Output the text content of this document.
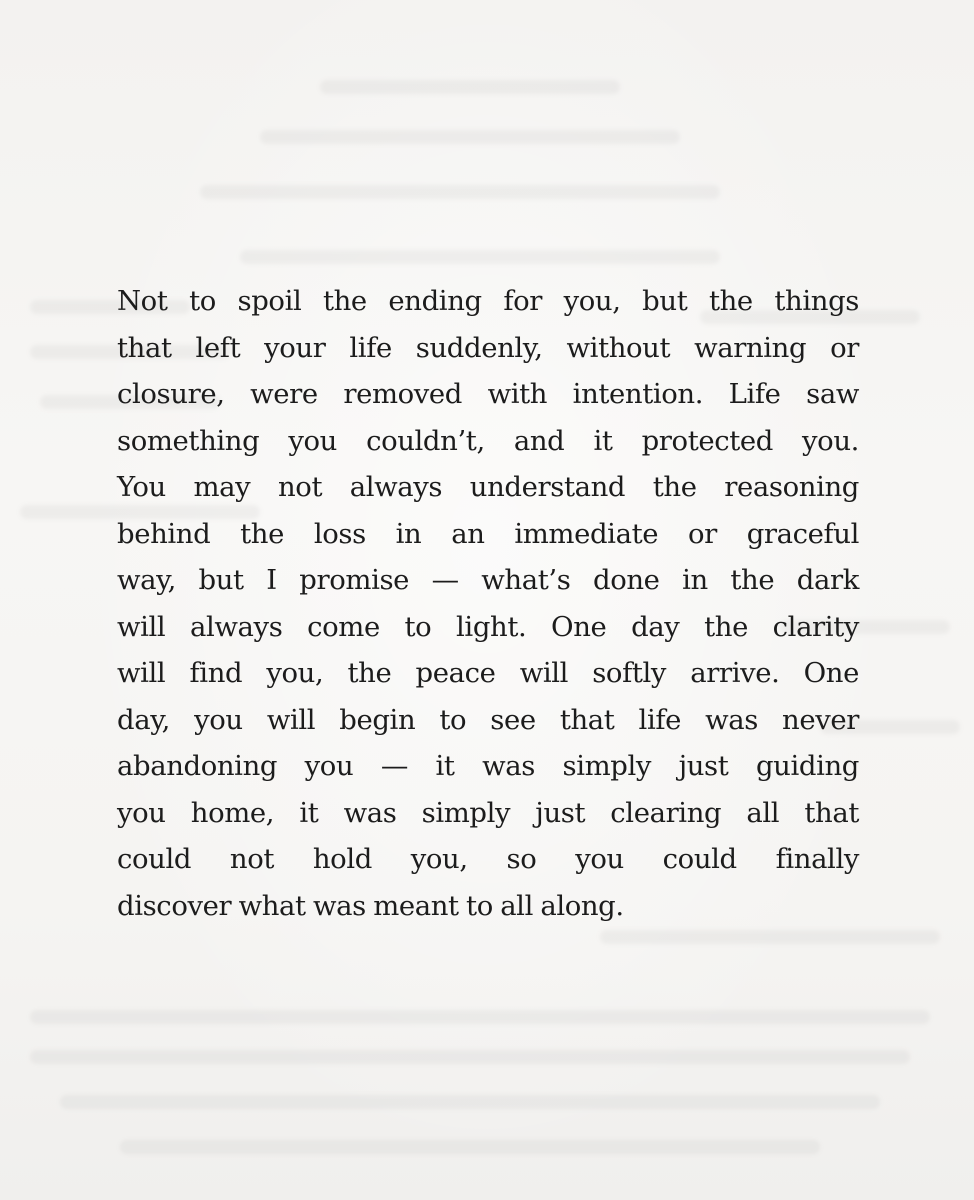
Not to spoil the ending for you, but the things
that left your life suddenly, without warning or
closure, were removed with intention. Life saw
something you couldn’t, and it protected you.
You may not always understand the reasoning
behind the loss in an immediate or graceful
way, but I promise — what’s done in the dark
will always come to light. One day the clarity
will find you, the peace will softly arrive. One
day, you will begin to see that life was never
abandoning you — it was simply just guiding
you home, it was simply just clearing all that
could not hold you, so you could finally
discover what was meant to all along.
